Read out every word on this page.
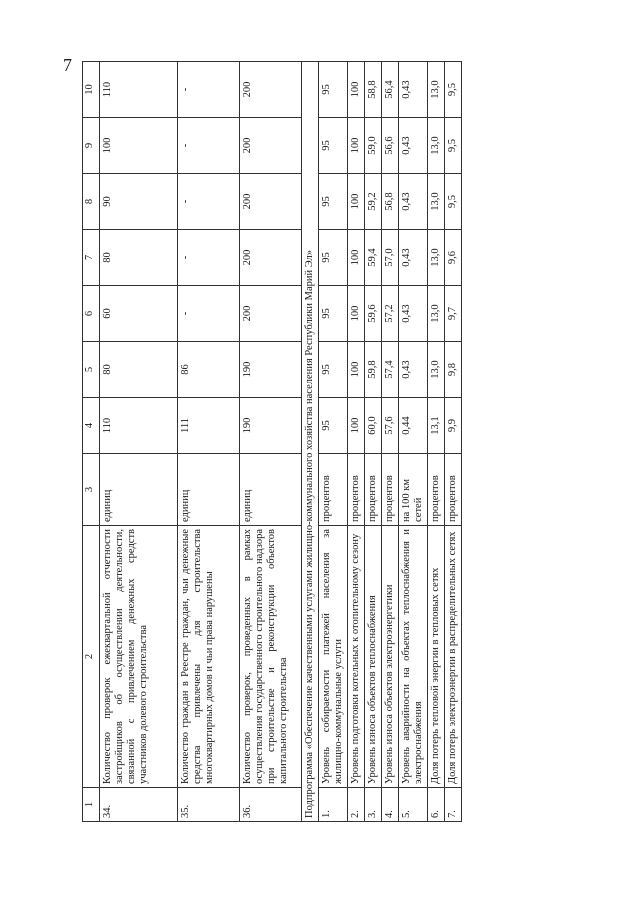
7
1	2	3	4	5	6	7	8	9	10
34.	Количество проверок ежеквартальной отчетности застройщиков об осуществлении деятельности, связанной с привлечением денежных средств участников долевого строительства	единиц	110	80	60	80	90	100	110
35.	Количество граждан в Реестре граждан, чьи денежные средства привлечены для строительства многоквартирных домов и чьи права нарушены	единиц	111	86	-	-	-	-	-
36.	Количество проверок, проведенных в рамках осуществления государственного строительного надзора при строительстве и реконструкции объектов капитального строительства	единиц	190	190	200	200	200	200	200
Подпрограмма «Обеспечение качественными услугами жилищно-коммунального хозяйства населения Республики Марий Эл»									
1.	Уровень собираемости платежей населения за жилищно-коммунальные услуги	процентов	95	95	95	95	95	95	95
2.	Уровень подготовки котельных к отопительному сезону	процентов	100	100	100	100	100	100	100
3.	Уровень износа объектов теплоснабжения	процентов	60,0	59,8	59,6	59,4	59,2	59,0	58,8
4.	Уровень износа объектов электроэнергетики	процентов	57,6	57,4	57,2	57,0	56,8	56,6	56,4
5.	Уровень аварийности на объектах теплоснабжения и электроснабжения	на 100 км сетей	0,44	0,43	0,43	0,43	0,43	0,43	0,43
6.	Доля потерь тепловой энергии в тепловых сетях	процентов	13,1	13,0	13,0	13,0	13,0	13,0	13,0
7.	Доля потерь электроэнергии в распределительных сетях	процентов	9,9	9,8	9,7	9,6	9,5	9,5	9,5
